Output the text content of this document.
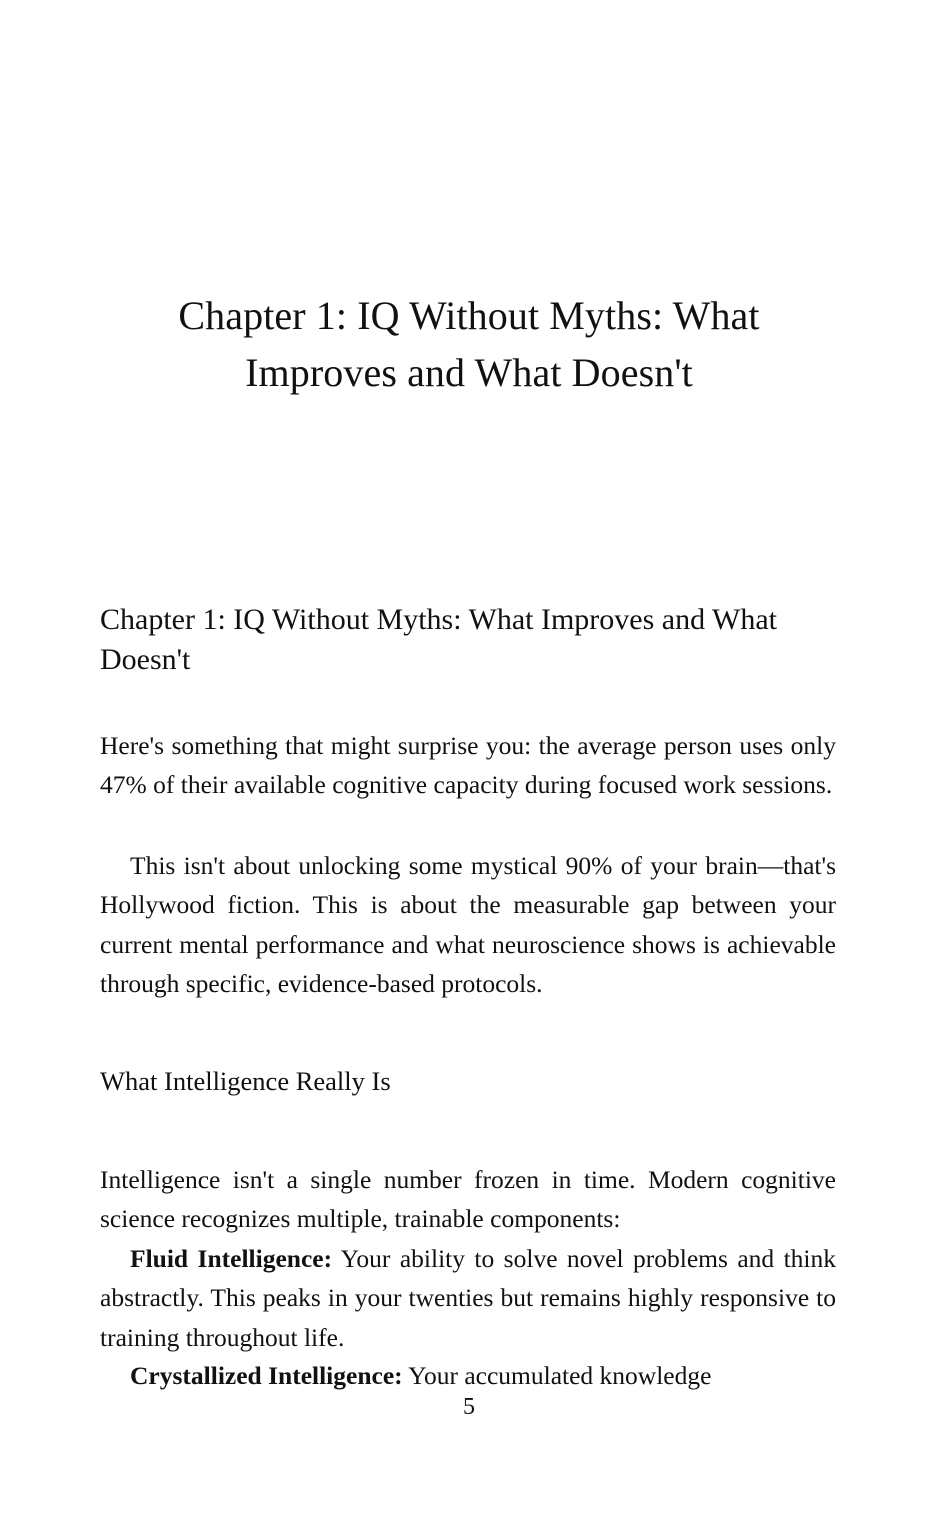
Chapter 1: IQ Without Myths: What Improves and What Doesn't
Chapter 1: IQ Without Myths: What Improves and What Doesn't

Here's something that might surprise you: the average person uses only 47% of their available cognitive capacity during focused work sessions.

This isn't about unlocking some mystical 90% of your brain—that's Hollywood fiction. This is about the measurable gap between your current mental performance and what neuroscience shows is achievable through specific, evidence-based protocols.

What Intelligence Really Is

Intelligence isn't a single number frozen in time. Modern cognitive science recognizes multiple, trainable components:

Fluid Intelligence: Your ability to solve novel problems and think abstractly. This peaks in your twenties but remains highly responsive to training throughout life.

Crystallized Intelligence: Your accumulated knowledge

5
